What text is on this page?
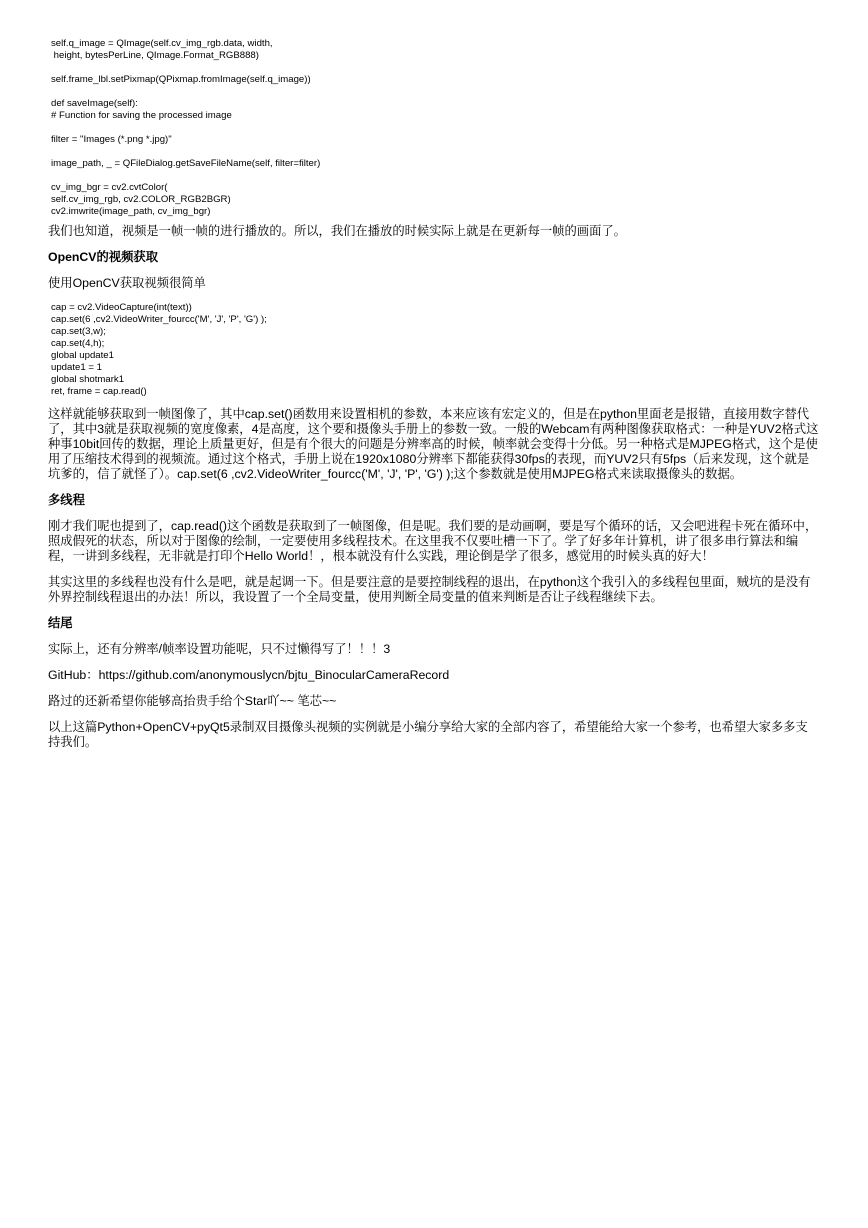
self.q_image = QImage(self.cv_img_rgb.data, width,
height, bytesPerLine, QImage.Format_RGB888)
self.frame_lbl.setPixmap(QPixmap.fromImage(self.q_image))
def saveImage(self):
# Function for saving the processed image
filter = "Images (*.png *.jpg)"
image_path, _ = QFileDialog.getSaveFileName(self, filter=filter)
cv_img_bgr = cv2.cvtColor(
self.cv_img_rgb, cv2.COLOR_RGB2BGR)
cv2.imwrite(image_path, cv_img_bgr)

我们也知道，视频是一帧一帧的进行播放的。所以，我们在播放的时候实际上就是在更新每一帧的画面了。

OpenCV的视频获取

使用OpenCV获取视频很简单

cap = cv2.VideoCapture(int(text))
cap.set(6 ,cv2.VideoWriter_fourcc('M', 'J', 'P', 'G') );
cap.set(3,w);
cap.set(4,h);
global update1
update1 = 1
global shotmark1
ret, frame = cap.read()

这样就能够获取到一帧图像了，其中cap.set()函数用来设置相机的参数，本来应该有宏定义的，但是在python里面老是报错，直接用数字替代了，其中3就是获取视频的宽度像素，4是高度，这个要和摄像头手册上的参数一致。一般的Webcam有两种图像获取格式：一种是YUV2格式这种事10bit回传的数据，理论上质量更好，但是有个很大的问题是分辨率高的时候，帧率就会变得十分低。另一种格式是MJPEG格式，这个是使用了压缩技术得到的视频流。通过这个格式，手册上说在1920x1080分辨率下都能获得30fps的表现，而YUV2只有5fps（后来发现，这个就是坑爹的，信了就怪了）。cap.set(6 ,cv2.VideoWriter_fourcc('M', 'J', 'P', 'G') );这个参数就是使用MJPEG格式来读取摄像头的数据。

多线程

刚才我们呢也提到了，cap.read()这个函数是获取到了一帧图像，但是呢。我们要的是动画啊，要是写个循环的话，又会吧进程卡死在循环中，照成假死的状态，所以对于图像的绘制，一定要使用多线程技术。在这里我不仅要吐槽一下了。学了好多年计算机，讲了很多串行算法和编程，一讲到多线程，无非就是打印个Hello World！，根本就没有什么实践，理论倒是学了很多，感觉用的时候头真的好大！

其实这里的多线程也没有什么是吧，就是起调一下。但是要注意的是要控制线程的退出，在python这个我引入的多线程包里面，贼坑的是没有外界控制线程退出的办法！所以，我设置了一个全局变量，使用判断全局变量的值来判断是否让子线程继续下去。

结尾

实际上，还有分辨率/帧率设置功能呢，只不过懒得写了！！！3

GitHub：https://github.com/anonymouslycn/bjtu_BinocularCameraRecord

路过的还新希望你能够高抬贵手给个Star吖~~ 笔芯~~

以上这篇Python+OpenCV+pyQt5录制双目摄像头视频的实例就是小编分享给大家的全部内容了，希望能给大家一个参考，也希望大家多多支持我们。
